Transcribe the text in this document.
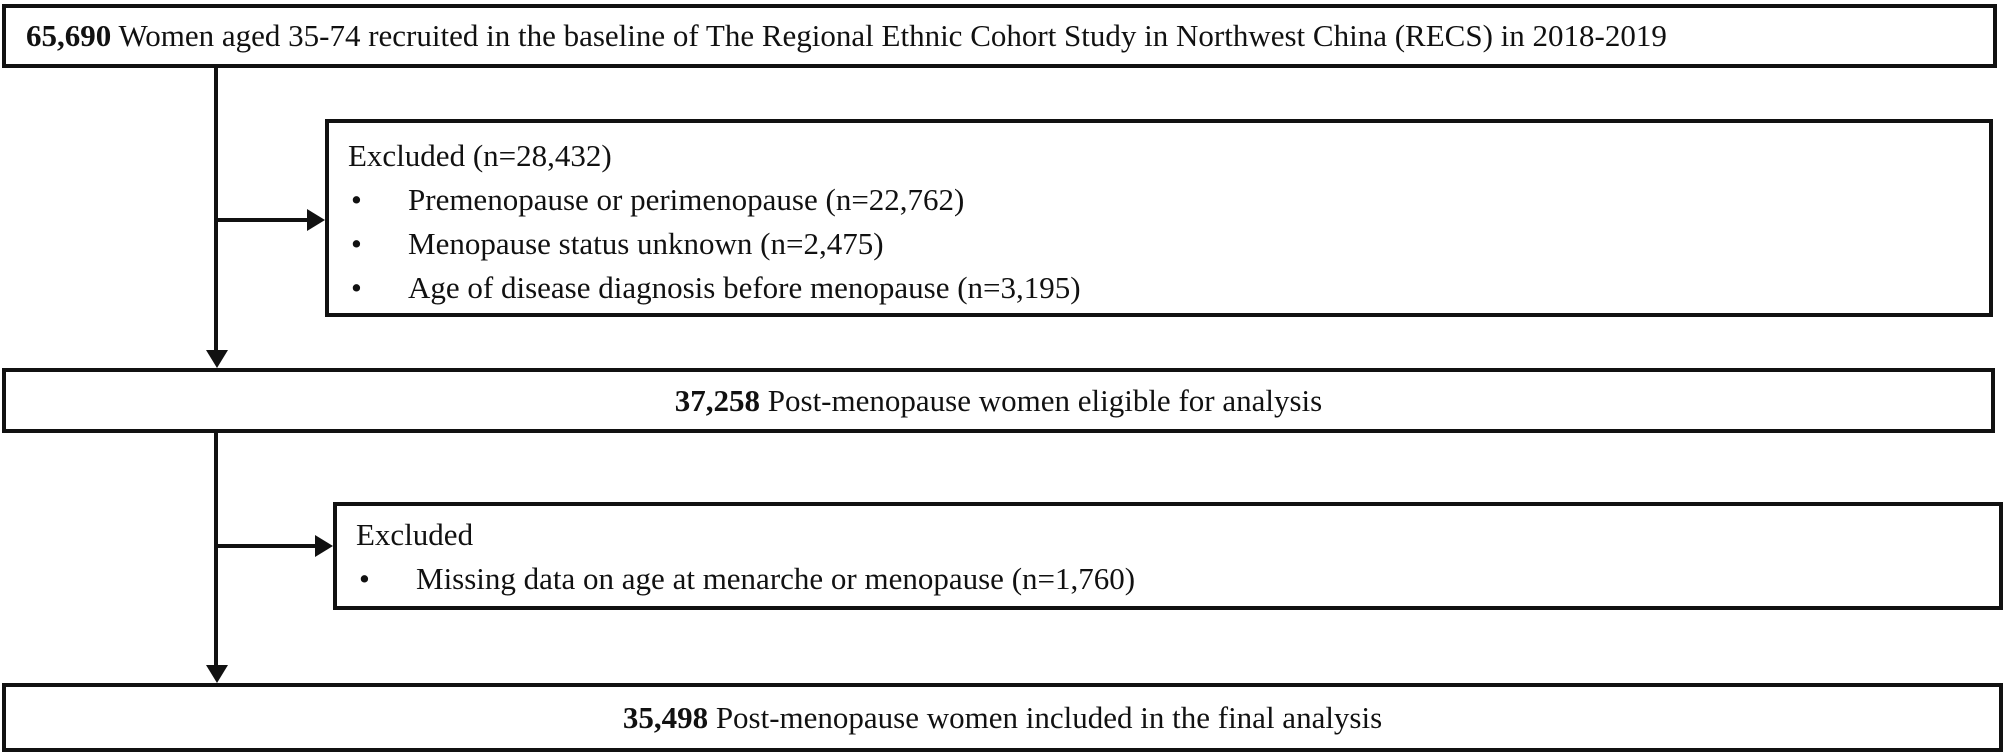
65,690 Women aged 35-74 recruited in the baseline of The Regional Ethnic Cohort Study in Northwest China (RECS) in 2018-2019
Excluded (n=28,432)
• Premenopause or perimenopause (n=22,762)
• Menopause status unknown (n=2,475)
• Age of disease diagnosis before menopause (n=3,195)
37,258 Post-menopause women eligible for analysis
Excluded
• Missing data on age at menarche or menopause (n=1,760)
35,498 Post-menopause women included in the final analysis
